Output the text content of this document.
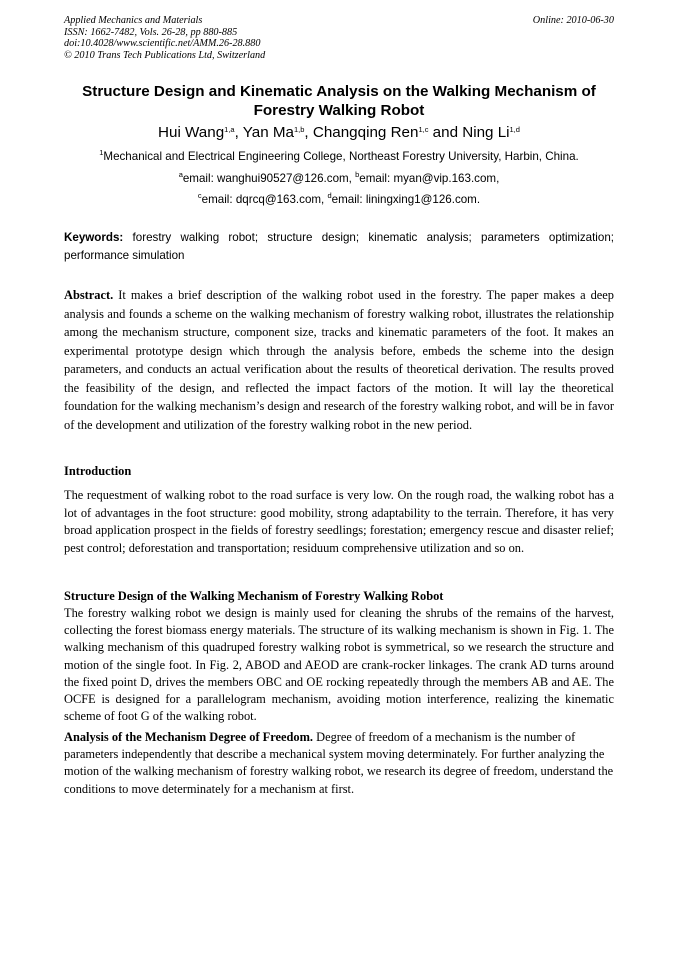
Applied Mechanics and Materials
ISSN: 1662-7482, Vols. 26-28, pp 880-885
doi:10.4028/www.scientific.net/AMM.26-28.880
© 2010 Trans Tech Publications Ltd, Switzerland
Online: 2010-06-30
Structure Design and Kinematic Analysis on the Walking Mechanism of Forestry Walking Robot
Hui Wang$^{1,a}$, Yan Ma$^{1,b}$, Changqing Ren$^{1,c}$ and Ning Li$^{1,d}$
$^1$Mechanical and Electrical Engineering College, Northeast Forestry University, Harbin, China.
$^a$email: wanghui90527@126.com, $^b$email: myan@vip.163.com,
$^c$email: dqrcq@163.com, $^d$email: liningxing1@126.com.
Keywords: forestry walking robot; structure design; kinematic analysis; parameters optimization; performance simulation
Abstract. It makes a brief description of the walking robot used in the forestry. The paper makes a deep analysis and founds a scheme on the walking mechanism of forestry walking robot, illustrates the relationship among the mechanism structure, component size, tracks and kinematic parameters of the foot. It makes an experimental prototype design which through the analysis before, embeds the scheme into the design parameters, and conducts an actual verification about the results of theoretical derivation. The results proved the feasibility of the design, and reflected the impact factors of the motion. It will lay the theoretical foundation for the walking mechanism’s design and research of the forestry walking robot, and will be in favor of the development and utilization of the forestry walking robot in the new period.
Introduction
The requestment of walking robot to the road surface is very low. On the rough road, the walking robot has a lot of advantages in the foot structure: good mobility, strong adaptability to the terrain. Therefore, it has very broad application prospect in the fields of forestry seedlings; forestation; emergency rescue and disaster relief; pest control; deforestation and transportation; residuum comprehensive utilization and so on.
Structure Design of the Walking Mechanism of Forestry Walking Robot
The forestry walking robot we design is mainly used for cleaning the shrubs of the remains of the harvest, collecting the forest biomass energy materials. The structure of its walking mechanism is shown in Fig. 1. The walking mechanism of this quadruped forestry walking robot is symmetrical, so we research the structure and motion of the single foot. In Fig. 2, ABOD and AEOD are crank-rocker linkages. The crank AD turns around the fixed point D, drives the members OBC and OE rocking repeatedly through the members AB and AE. The OCFE is designed for a parallelogram mechanism, avoiding motion interference, realizing the kinematic scheme of foot G of the walking robot.
Analysis of the Mechanism Degree of Freedom. Degree of freedom of a mechanism is the number of parameters independently that describe a mechanical system moving determinately. For further analyzing the motion of the walking mechanism of forestry walking robot, we research its degree of freedom, understand the conditions to move determinately for a mechanism at first.
